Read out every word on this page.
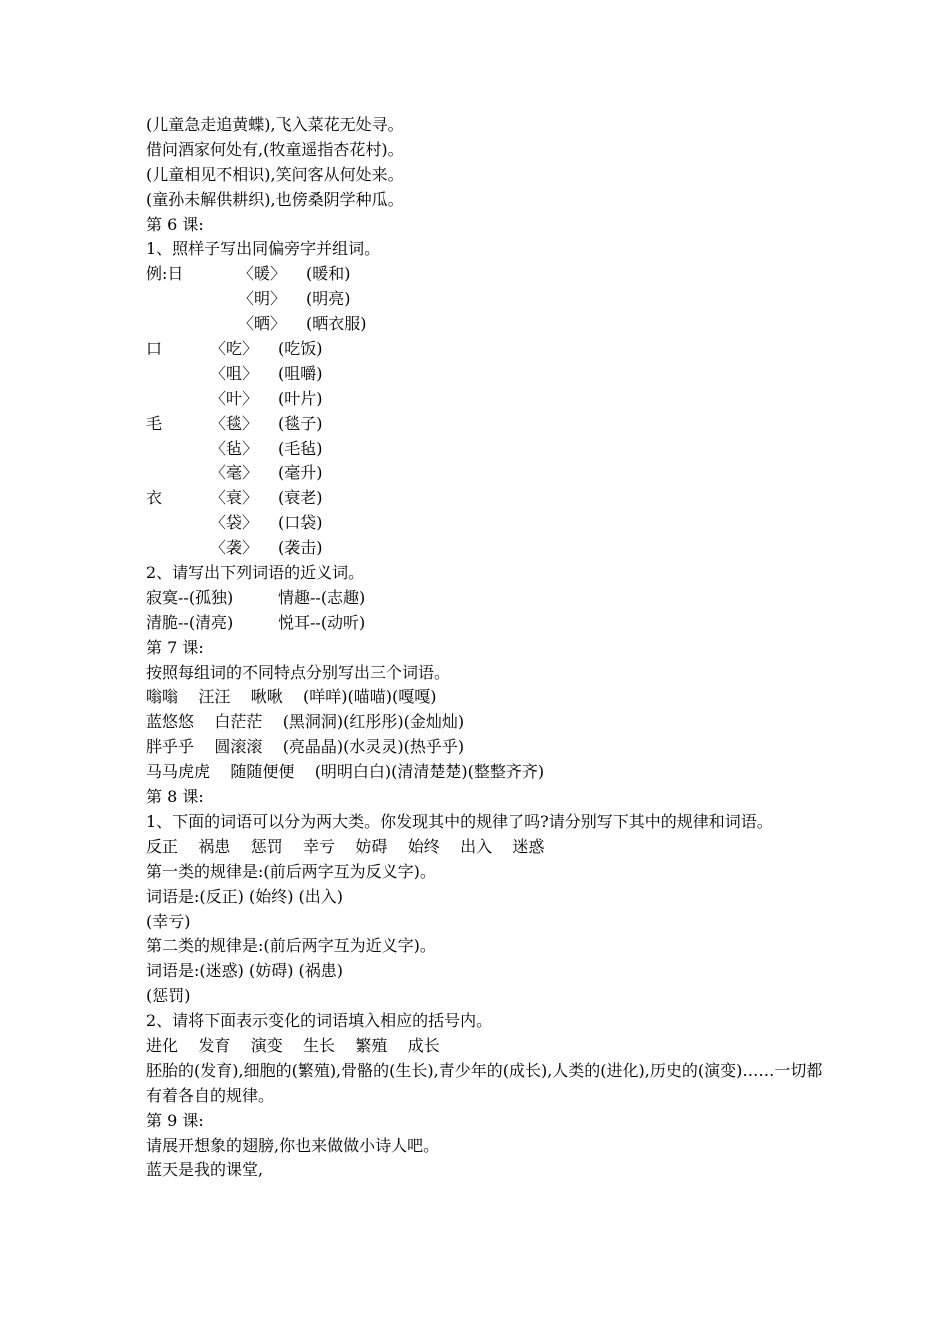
(儿童急走追黄蝶),飞入菜花无处寻。
借问酒家何处有,(牧童遥指杏花村)。
(儿童相见不相识),笑问客从何处来。
(童孙未解供耕织),也傍桑阴学种瓜。
第 6 课:
1、照样子写出同偏旁字并组词。
例:日	〈暖〉	(暖和)
〈明〉	(明亮)
〈晒〉	(晒衣服)
口	〈吃〉	(吃饭)
〈咀〉	(咀嚼)
〈叶〉	(叶片)
毛	〈毯〉	(毯子)
〈毡〉	(毛毡)
〈毫〉	(毫升)
衣	〈衰〉	(衰老)
〈袋〉	(口袋)
〈袭〉	(袭击)
2、请写出下列词语的近义词。
寂寞--(孤独)	情趣--(志趣)
清脆--(清亮)	悦耳--(动听)
第 7 课:
按照每组词的不同特点分别写出三个词语。
嗡嗡    汪汪    啾啾    (咩咩)(喵喵)(嘎嘎)
蓝悠悠    白茫茫    (黑洞洞)(红彤彤)(金灿灿)
胖乎乎    圆滚滚    (亮晶晶)(水灵灵)(热乎乎)
马马虎虎    随随便便    (明明白白)(清清楚楚)(整整齐齐)
第 8 课:
1、下面的词语可以分为两大类。你发现其中的规律了吗?请分别写下其中的规律和词语。
反正    祸患    惩罚    幸亏    妨碍    始终    出入    迷惑
第一类的规律是:(前后两字互为反义字)。
词语是:(反正) (始终) (出入)
(幸亏)
第二类的规律是:(前后两字互为近义字)。
词语是:(迷惑) (妨碍) (祸患)
(惩罚)
2、请将下面表示变化的词语填入相应的括号内。
进化    发育    演变    生长    繁殖    成长
胚胎的(发育),细胞的(繁殖),骨骼的(生长),青少年的(成长),人类的(进化),历史的(演变)……一切都有着各自的规律。
第 9 课:
请展开想象的翅膀,你也来做做小诗人吧。
蓝天是我的课堂,
